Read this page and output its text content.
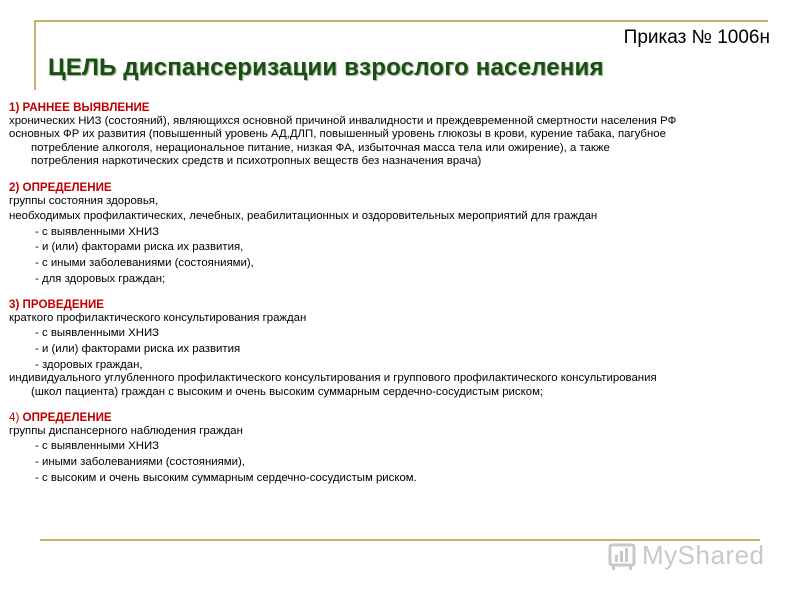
Приказ № 1006н
ЦЕЛЬ диспансеризации взрослого населения
1) РАННЕЕ ВЫЯВЛЕНИЕ
хронических НИЗ (состояний), являющихся основной причиной инвалидности и преждевременной смертности населения РФ
основных ФР их развития (повышенный уровень АД,ДЛП, повышенный уровень глюкозы в крови, курение табака, пагубное
потребление алкоголя, нерациональное питание, низкая ФА, избыточная масса тела или ожирение), а также
потребления наркотических средств и психотропных веществ без назначения врача)
2) ОПРЕДЕЛЕНИЕ
группы состояния здоровья,
необходимых профилактических, лечебных, реабилитационных и оздоровительных мероприятий для граждан
- с выявленными ХНИЗ
- и (или) факторами риска их развития,
- с иными заболеваниями (состояниями),
- для здоровых граждан;
3) ПРОВЕДЕНИЕ
краткого профилактического консультирования граждан
- с выявленными ХНИЗ
- и (или) факторами риска их развития
- здоровых граждан,
индивидуального углубленного профилактического консультирования и группового профилактического консультирования
(школ пациента) граждан с высоким и очень высоким суммарным сердечно-сосудистым риском;
4) ОПРЕДЕЛЕНИЕ
группы диспансерного наблюдения граждан
- с выявленными ХНИЗ
- иными заболеваниями (состояниями),
- с высоким и очень высоким суммарным сердечно-сосудистым риском.
MyShared
